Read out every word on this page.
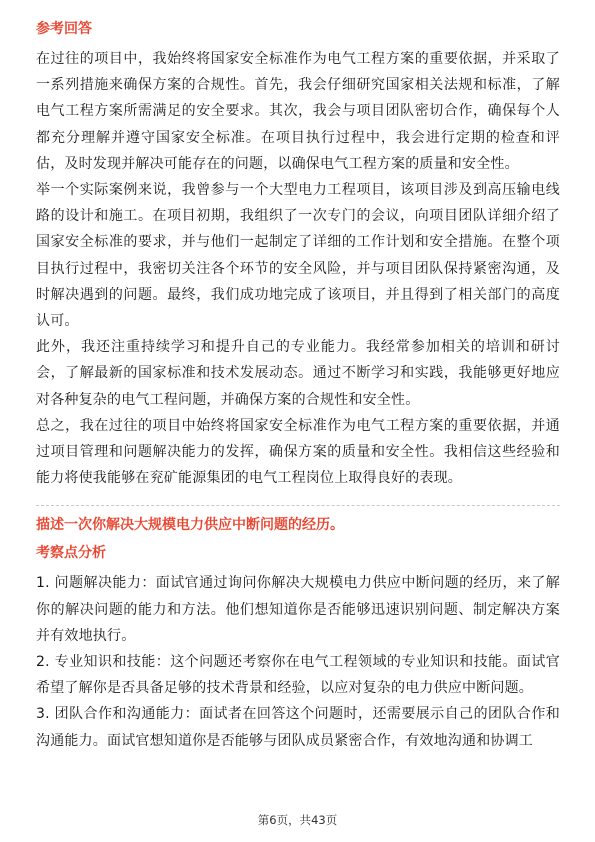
参考回答

在过往的项目中，我始终将国家安全标准作为电气工程方案的重要依据，并采取了一系列措施来确保方案的合规性。首先，我会仔细研究国家相关法规和标准，了解电气工程方案所需满足的安全要求。其次，我会与项目团队密切合作，确保每个人都充分理解并遵守国家安全标准。在项目执行过程中，我会进行定期的检查和评估，及时发现并解决可能存在的问题，以确保电气工程方案的质量和安全性。

举一个实际案例来说，我曾参与一个大型电力工程项目，该项目涉及到高压输电线路的设计和施工。在项目初期，我组织了一次专门的会议，向项目团队详细介绍了国家安全标准的要求，并与他们一起制定了详细的工作计划和安全措施。在整个项目执行过程中，我密切关注各个环节的安全风险，并与项目团队保持紧密沟通，及时解决遇到的问题。最终，我们成功地完成了该项目，并且得到了相关部门的高度认可。

此外，我还注重持续学习和提升自己的专业能力。我经常参加相关的培训和研讨会，了解最新的国家标准和技术发展动态。通过不断学习和实践，我能够更好地应对各种复杂的电气工程问题，并确保方案的合规性和安全性。

总之，我在过往的项目中始终将国家安全标准作为电气工程方案的重要依据，并通过项目管理和问题解决能力的发挥，确保方案的质量和安全性。我相信这些经验和能力将使我能够在兖矿能源集团的电气工程岗位上取得良好的表现。

描述一次你解决大规模电力供应中断问题的经历。
考察点分析

1. 问题解决能力：面试官通过询问你解决大规模电力供应中断问题的经历，来了解你的解决问题的能力和方法。他们想知道你是否能够迅速识别问题、制定解决方案并有效地执行。

2. 专业知识和技能：这个问题还考察你在电气工程领域的专业知识和技能。面试官希望了解你是否具备足够的技术背景和经验，以应对复杂的电力供应中断问题。

3. 团队合作和沟通能力：面试者在回答这个问题时，还需要展示自己的团队合作和沟通能力。面试官想知道你是否能够与团队成员紧密合作，有效地沟通和协调工

第6页，共43页
